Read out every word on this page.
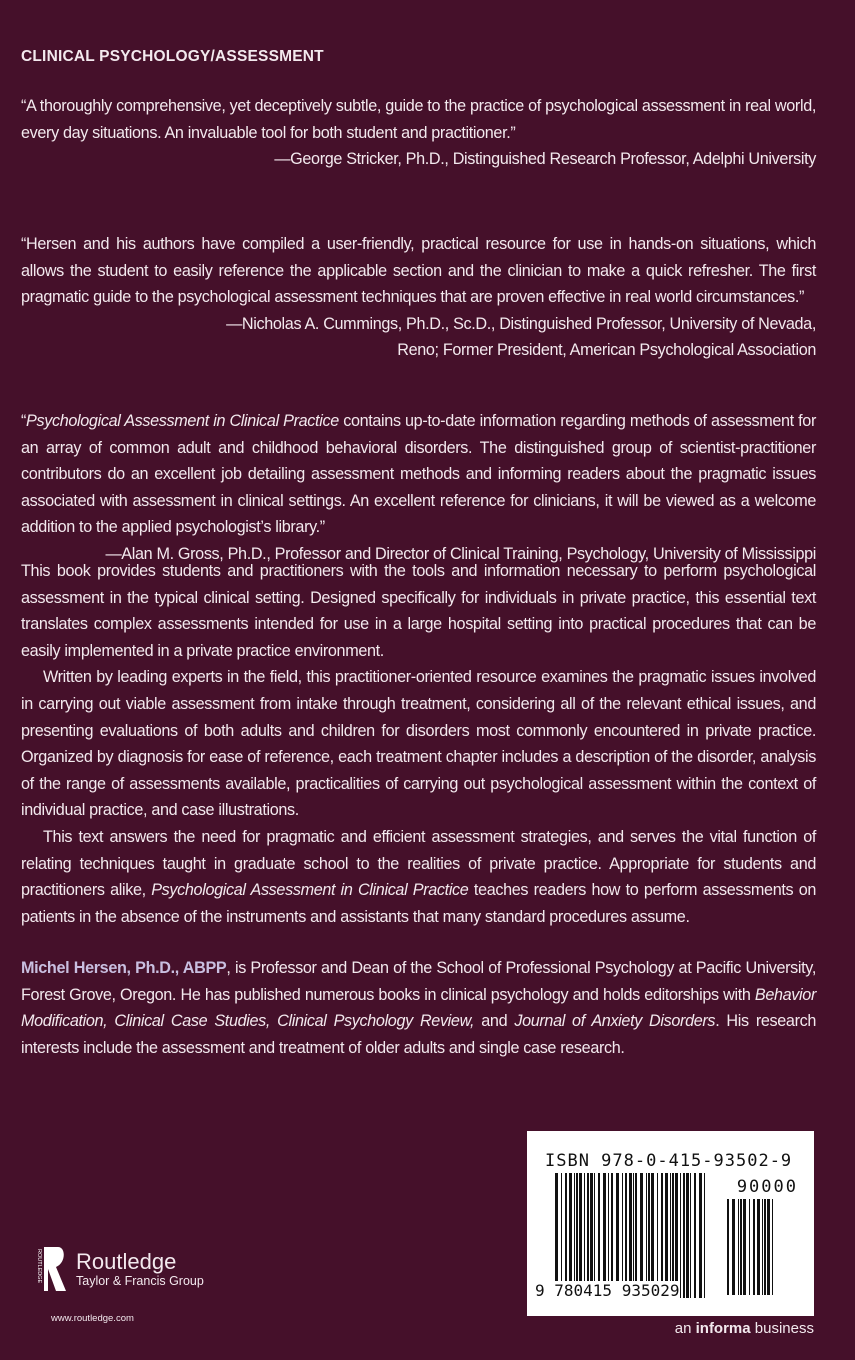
CLINICAL PSYCHOLOGY/ASSESSMENT

“A thoroughly comprehensive, yet deceptively subtle, guide to the practice of psychological assessment in real world, every day situations. An invaluable tool for both student and practitioner.”
—George Stricker, Ph.D., Distinguished Research Professor, Adelphi University

“Hersen and his authors have compiled a user-friendly, practical resource for use in hands-on situations, which allows the student to easily reference the applicable section and the clinician to make a quick refresher. The first pragmatic guide to the psychological assessment techniques that are proven effective in real world circumstances.”
—Nicholas A. Cummings, Ph.D., Sc.D., Distinguished Professor, University of Nevada,
Reno; Former President, American Psychological Association

“Psychological Assessment in Clinical Practice contains up-to-date information regarding methods of assessment for an array of common adult and childhood behavioral disorders. The distinguished group of scientist-practitioner contributors do an excellent job detailing assessment methods and informing readers about the pragmatic issues associated with assessment in clinical settings. An excellent reference for clinicians, it will be viewed as a welcome addition to the applied psychologist’s library.”
—Alan M. Gross, Ph.D., Professor and Director of Clinical Training, Psychology, University of Mississippi

This book provides students and practitioners with the tools and information necessary to perform psychological assessment in the typical clinical setting. Designed specifically for individuals in private practice, this essential text translates complex assessments intended for use in a large hospital setting into practical procedures that can be easily implemented in a private practice environment.
Written by leading experts in the field, this practitioner-oriented resource examines the pragmatic issues involved in carrying out viable assessment from intake through treatment, considering all of the relevant ethical issues, and presenting evaluations of both adults and children for disorders most commonly encountered in private practice. Organized by diagnosis for ease of reference, each treatment chapter includes a description of the disorder, analysis of the range of assessments available, practicalities of carrying out psychological assessment within the context of individual practice, and case illustrations.
This text answers the need for pragmatic and efficient assessment strategies, and serves the vital function of relating techniques taught in graduate school to the realities of private practice. Appropriate for students and practitioners alike, Psychological Assessment in Clinical Practice teaches readers how to perform assessments on patients in the absence of the instruments and assistants that many standard procedures assume.

Michel Hersen, Ph.D., ABPP, is Professor and Dean of the School of Professional Psychology at Pacific University, Forest Grove, Oregon. He has published numerous books in clinical psychology and holds editorships with Behavior Modification, Clinical Case Studies, Clinical Psychology Review, and Journal of Anxiety Disorders. His research interests include the assessment and treatment of older adults and single case research.

ROUTLEDGE Routledge
Taylor & Francis Group
www.routledge.com
ISBN 978-0-415-93502-9
90000
9 780415 935029
an informa business
